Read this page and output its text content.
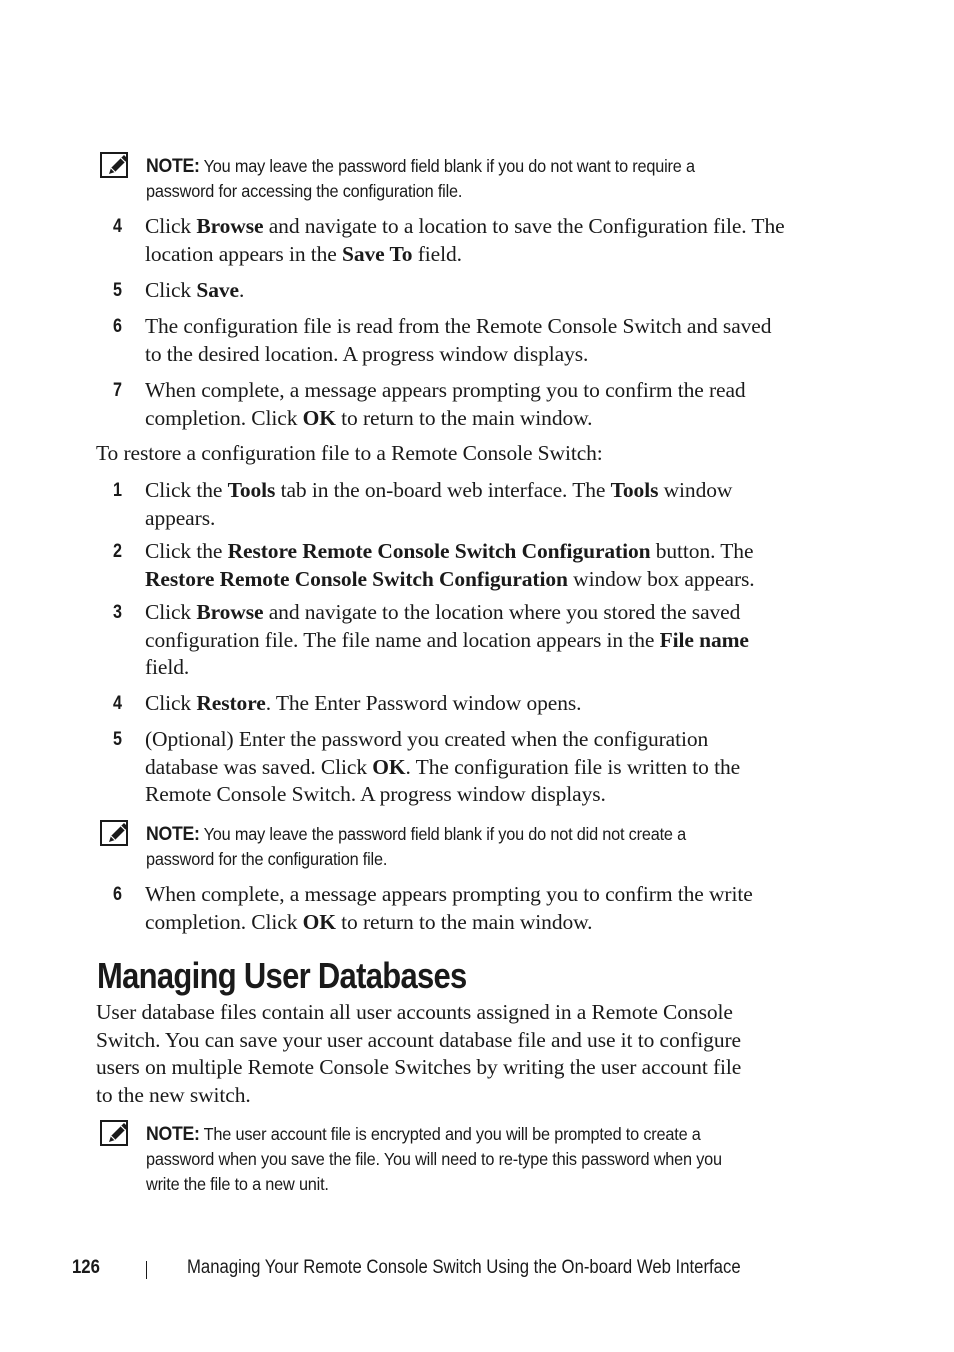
NOTE: You may leave the password field blank if you do not want to require a
password for accessing the configuration file.
4 Click Browse and navigate to a location to save the Configuration file. The
location appears in the Save To field.
5 Click Save.
6 The configuration file is read from the Remote Console Switch and saved
to the desired location. A progress window displays.
7 When complete, a message appears prompting you to confirm the read
completion. Click OK to return to the main window.
To restore a configuration file to a Remote Console Switch:
1 Click the Tools tab in the on-board web interface. The Tools window
appears.
2 Click the Restore Remote Console Switch Configuration button. The
Restore Remote Console Switch Configuration window box appears.
3 Click Browse and navigate to the location where you stored the saved
configuration file. The file name and location appears in the File name
field.
4 Click Restore. The Enter Password window opens.
5 (Optional) Enter the password you created when the configuration
database was saved. Click OK. The configuration file is written to the
Remote Console Switch. A progress window displays.
NOTE: You may leave the password field blank if you do not did not create a
password for the configuration file.
6 When complete, a message appears prompting you to confirm the write
completion. Click OK to return to the main window.
Managing User Databases
User database files contain all user accounts assigned in a Remote Console
Switch. You can save your user account database file and use it to configure
users on multiple Remote Console Switches by writing the user account file
to the new switch.
NOTE: The user account file is encrypted and you will be prompted to create a
password when you save the file. You will need to re-type this password when you
write the file to a new unit.
126	Managing Your Remote Console Switch Using the On-board Web Interface
